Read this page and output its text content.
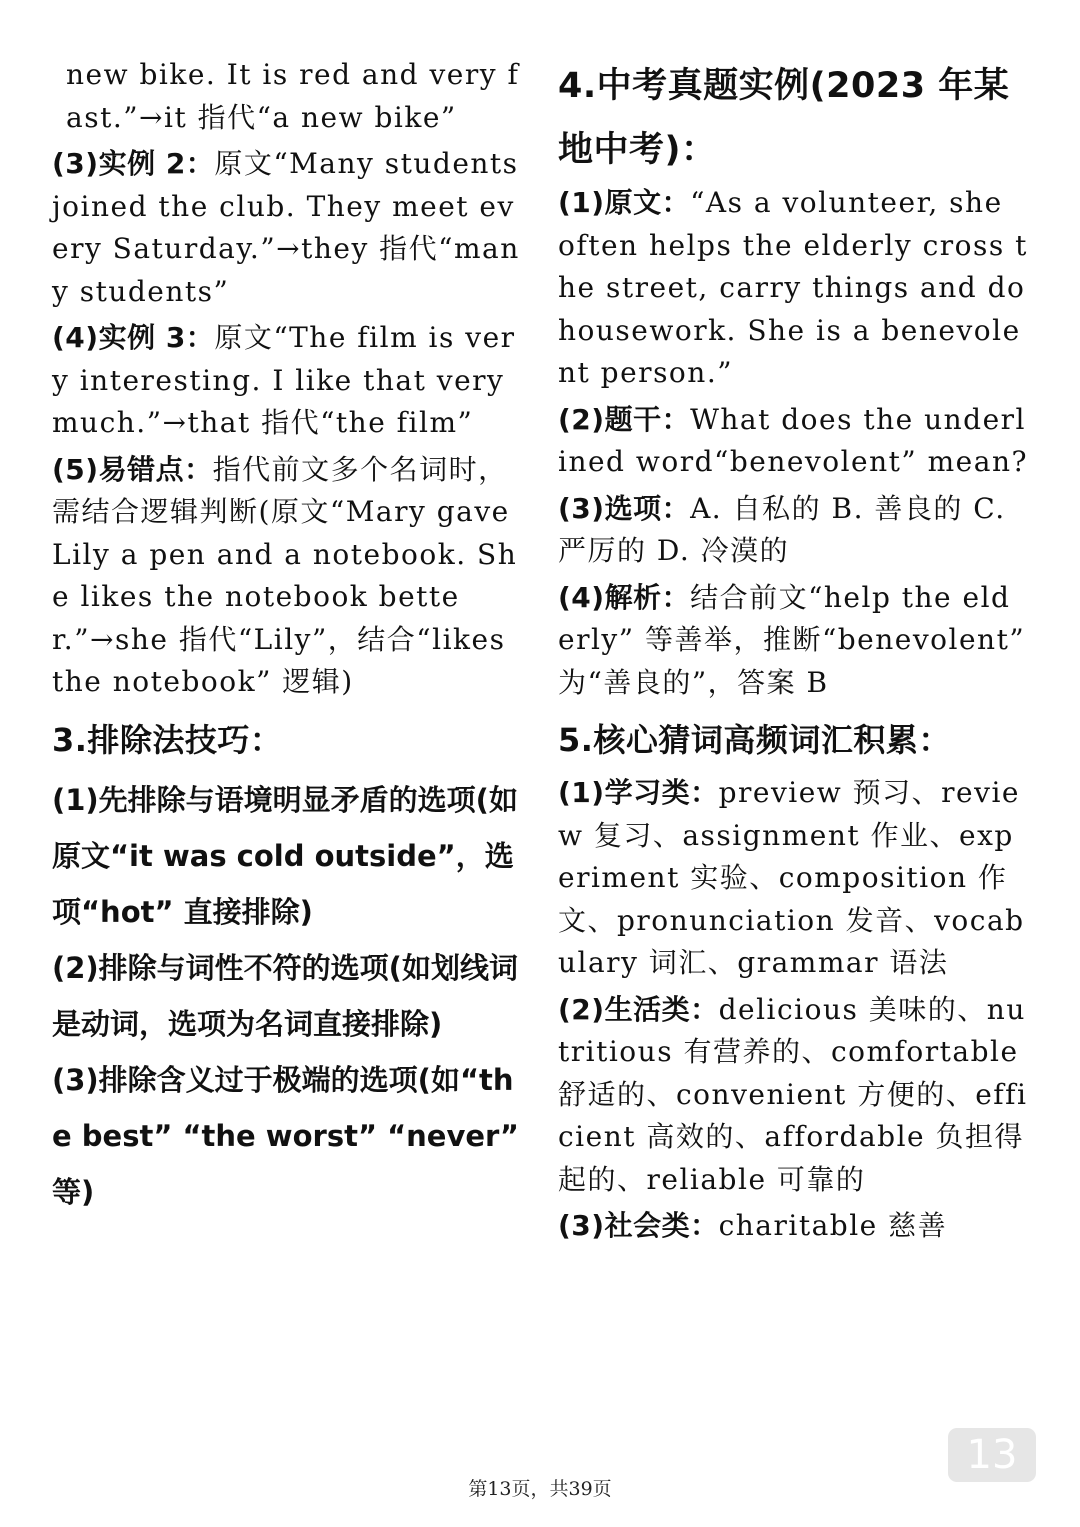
new bike. It is red and very fast.”→it 指代“a new bike”

(3)实例 2：原文“Many students joined the club. They meet every Saturday.”→they 指代“many students”

(4)实例 3：原文“The film is very interesting. I like that very much.”→that 指代“the film”

(5)易错点：指代前文多个名词时，需结合逻辑判断(原文“Mary gave Lily a pen and a notebook. She likes the notebook better.”→she 指代“Lily”，结合“likes the notebook” 逻辑)

3.排除法技巧：

(1)先排除与语境明显矛盾的选项(如原文“it was cold outside”，选项“hot” 直接排除)

(2)排除与词性不符的选项(如划线词是动词，选项为名词直接排除)

(3)排除含义过于极端的选项(如“the best” “the worst” “never” 等)

4.中考真题实例(2023 年某地中考)：

(1)原文：“As a volunteer, she often helps the elderly cross the street, carry things and do housework. She is a benevolent person.”

(2)题干：What does the underlined word“benevolent” mean?

(3)选项：A. 自私的 B. 善良的 C. 严厉的 D. 冷漠的

(4)解析：结合前文“help the elderly” 等善举，推断“benevolent” 为“善良的”，答案 B

5.核心猜词高频词汇积累：

(1)学习类：preview 预习、review 复习、assignment 作业、experiment 实验、composition 作文、pronunciation 发音、vocabulary 词汇、grammar 语法

(2)生活类：delicious 美味的、nutritious 有营养的、comfortable 舒适的、convenient 方便的、efficient 高效的、affordable 负担得起的、reliable 可靠的

(3)社会类：charitable 慈善

13
第13页，共39页
